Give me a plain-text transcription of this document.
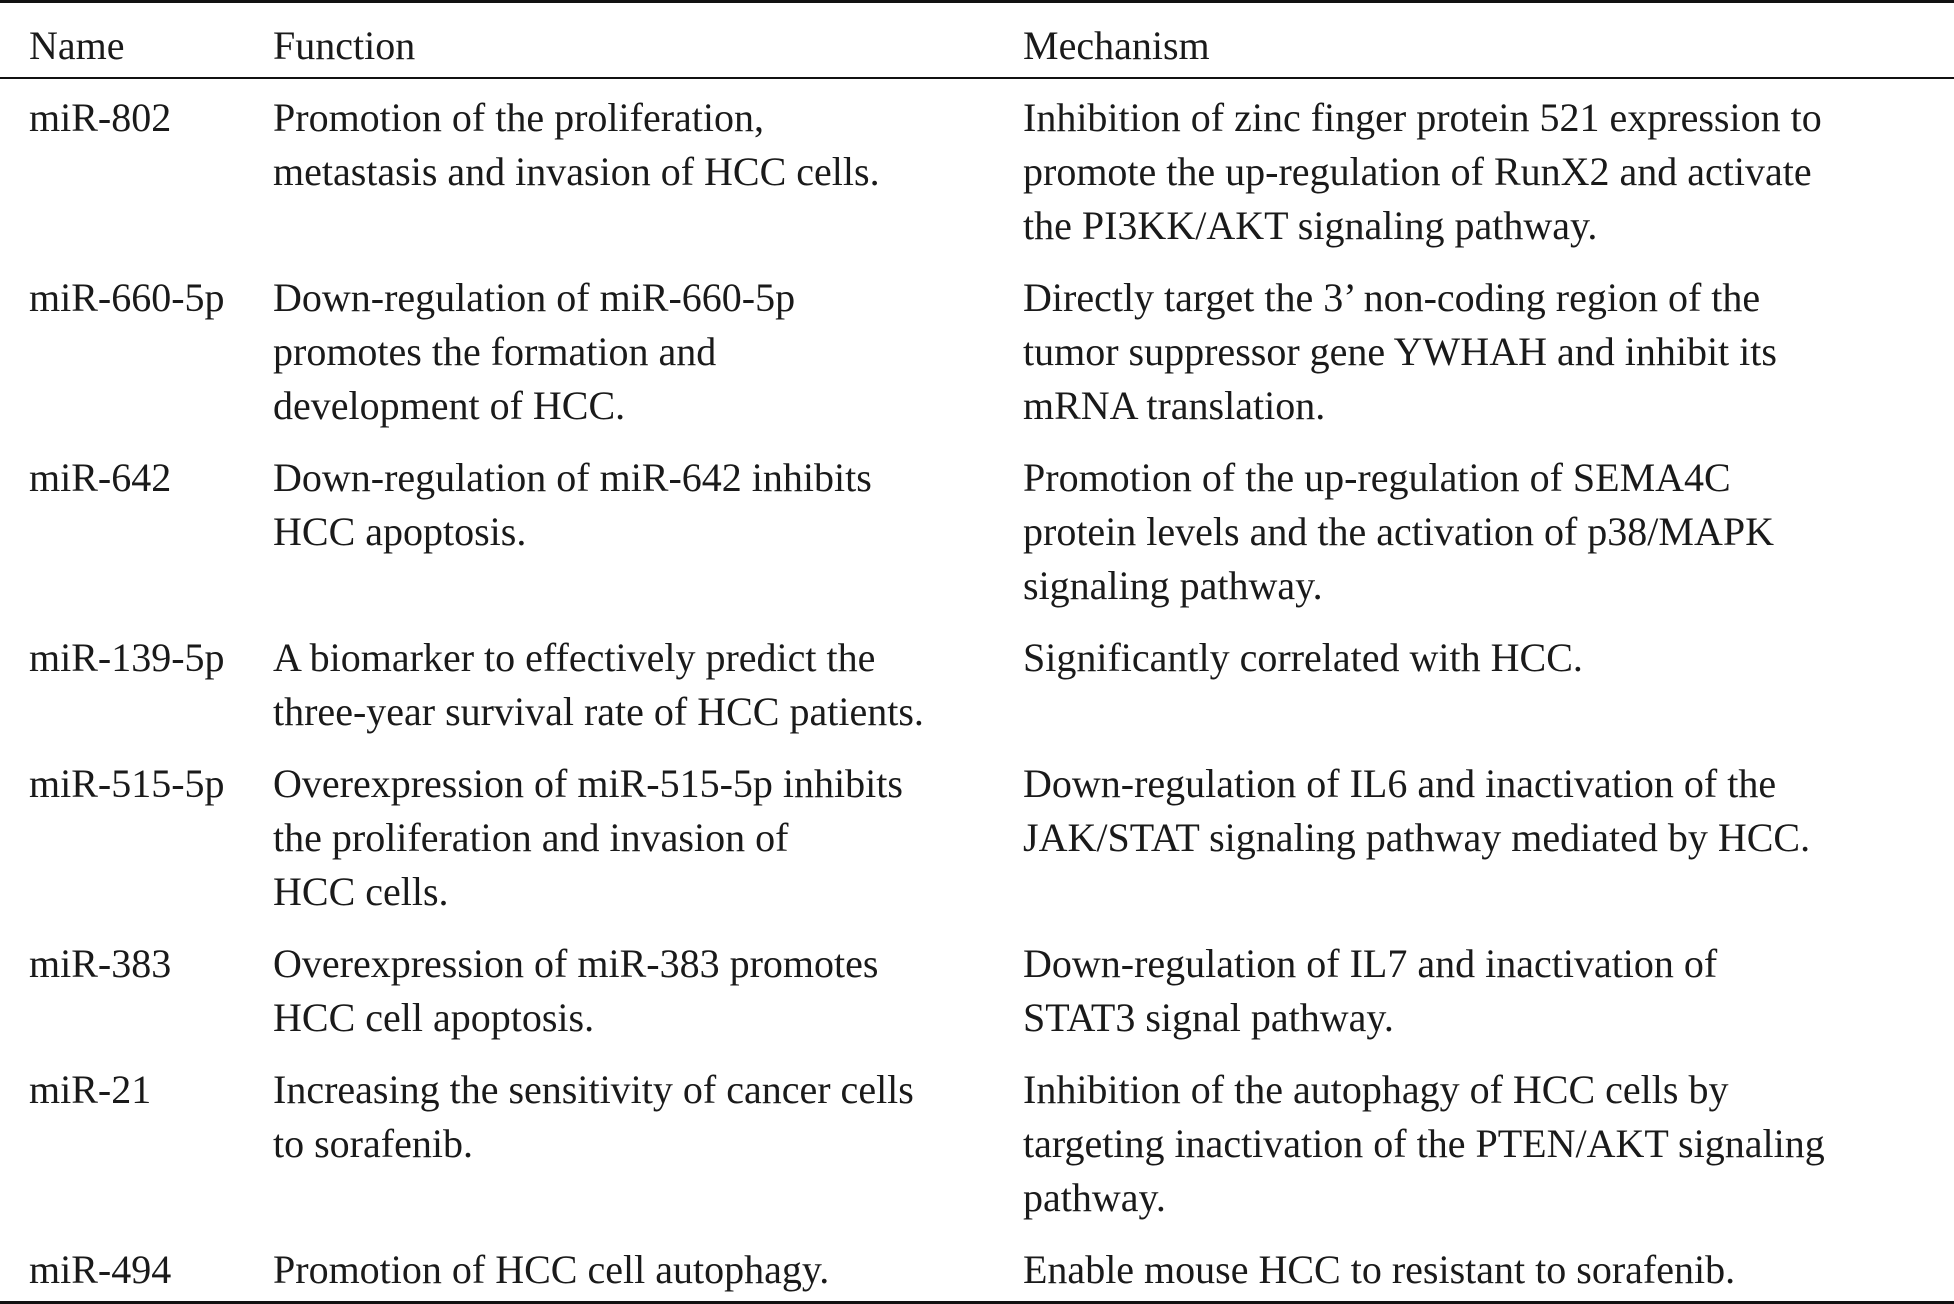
Name	Function	Mechanism

miR-802	Promotion of the proliferation,
metastasis and invasion of HCC cells.	Inhibition of zinc finger protein 521 expression to
promote the up-regulation of RunX2 and activate
the PI3KK/AKT signaling pathway.

miR-660-5p	Down-regulation of miR-660-5p
promotes the formation and
development of HCC.	Directly target the 3’ non-coding region of the
tumor suppressor gene YWHAH and inhibit its
mRNA translation.

miR-642	Down-regulation of miR-642 inhibits
HCC apoptosis.	Promotion of the up-regulation of SEMA4C
protein levels and the activation of p38/MAPK
signaling pathway.

miR-139-5p	A biomarker to effectively predict the
three-year survival rate of HCC patients.	Significantly correlated with HCC.

miR-515-5p	Overexpression of miR-515-5p inhibits
the proliferation and invasion of
HCC cells.	Down-regulation of IL6 and inactivation of the
JAK/STAT signaling pathway mediated by HCC.

miR-383	Overexpression of miR-383 promotes
HCC cell apoptosis.	Down-regulation of IL7 and inactivation of
STAT3 signal pathway.

miR-21	Increasing the sensitivity of cancer cells
to sorafenib.	Inhibition of the autophagy of HCC cells by
targeting inactivation of the PTEN/AKT signaling
pathway.

miR-494	Promotion of HCC cell autophagy.	Enable mouse HCC to resistant to sorafenib.
